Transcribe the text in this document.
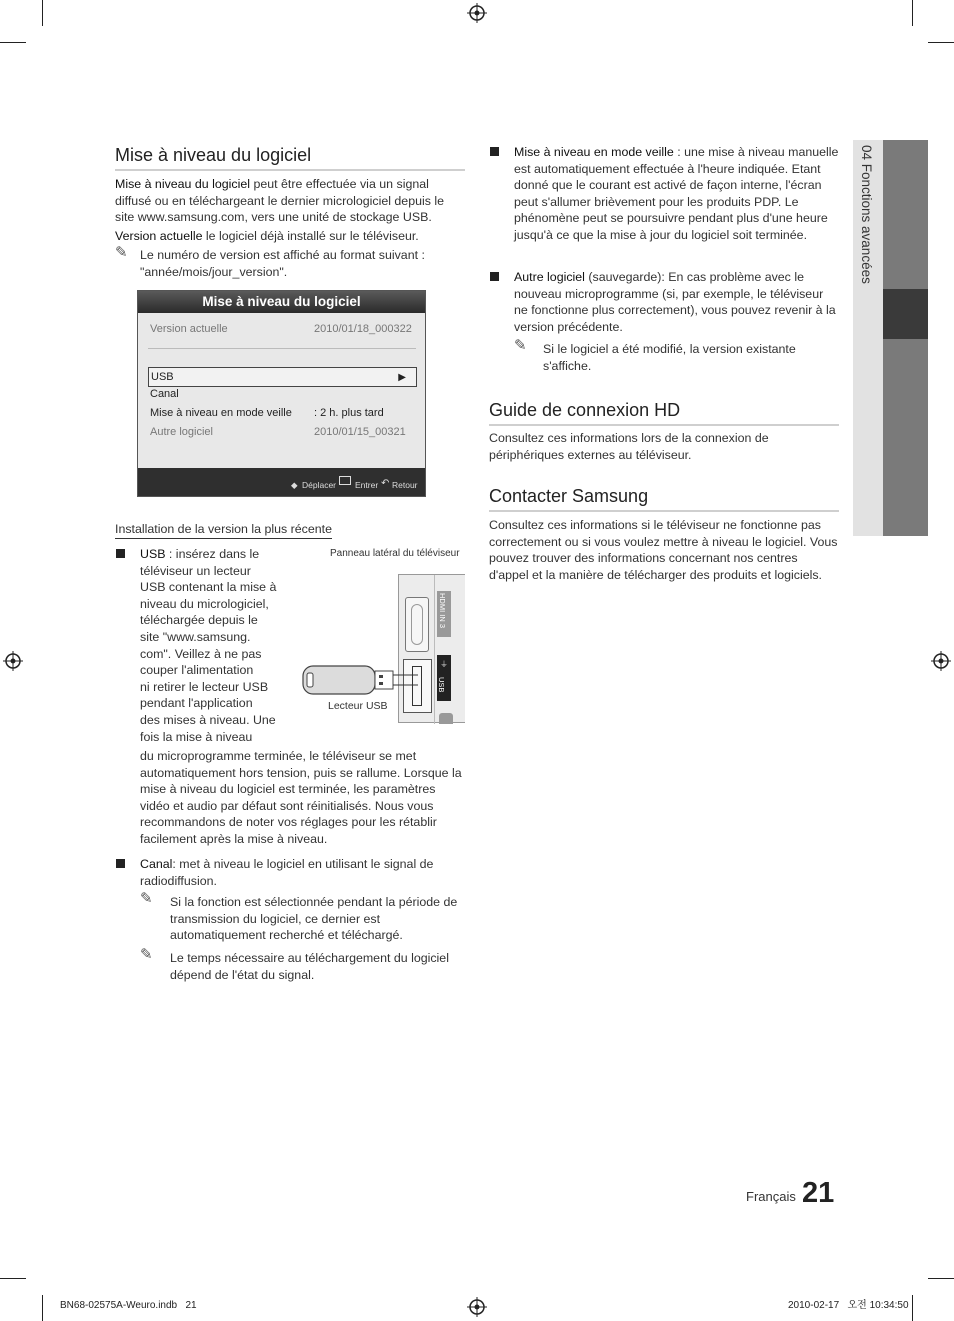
04 Fonctions avancées
Mise à niveau du logiciel
Mise à niveau du logiciel peut être effectuée via un signal diffusé ou en téléchargeant le dernier micrologiciel depuis le site www.samsung.com, vers une unité de stockage USB.
Version actuelle le logiciel déjà installé sur le téléviseur.
✎ Le numéro de version est affiché au format suivant : "année/mois/jour_version".
Mise à niveau du logiciel
Version actuelle	2010/01/18_000322
USB	▶
Canal
Mise à niveau en mode veille : 2 h. plus tard
Autre logiciel	2010/01/15_00321
◆ Déplacer Entrer ↶ Retour
Installation de la version la plus récente
USB : insérez dans le
téléviseur un lecteur
USB contenant la mise à
niveau du micrologiciel,
téléchargée depuis le
site "www.samsung.
com". Veillez à ne pas
couper l'alimentation
ni retirer le lecteur USB
pendant l'application
des mises à niveau. Une
fois la mise à niveau
du microprogramme terminée, le téléviseur se met automatiquement hors tension, puis se rallume. Lorsque la mise à niveau du logiciel est terminée, les paramètres vidéo et audio par défaut sont réinitialisés. Nous vous recommandons de noter vos réglages pour les rétablir facilement après la mise à niveau.
Panneau latéral du téléviseur
HDMI IN 3
⏚
USB
Lecteur USB
Canal: met à niveau le logiciel en utilisant le signal de radiodiffusion.
✎ Si la fonction est sélectionnée pendant la période de transmission du logiciel, ce dernier est automatiquement recherché et téléchargé.
✎ Le temps nécessaire au téléchargement du logiciel dépend de l'état du signal.
Mise à niveau en mode veille : une mise à niveau manuelle est automatiquement effectuée à l'heure indiquée. Etant donné que le courant est activé de façon interne, l'écran peut s'allumer brièvement pour les produits PDP. Le phénomène peut se poursuivre pendant plus d'une heure jusqu'à ce que la mise à jour du logiciel soit terminée.
Autre logiciel (sauvegarde): En cas problème avec le nouveau microprogramme (si, par exemple, le téléviseur ne fonctionne plus correctement), vous pouvez revenir à la version précédente.
✎ Si le logiciel a été modifié, la version existante s'affiche.
Guide de connexion HD
Consultez ces informations lors de la connexion de périphériques externes au téléviseur.
Contacter Samsung
Consultez ces informations si le téléviseur ne fonctionne pas correctement ou si vous voulez mettre à niveau le logiciel. Vous pouvez trouver des informations concernant nos centres d'appel et la manière de télécharger des produits et logiciels.
Français 21
BN68-02575A-Weuro.indb   21	2010-02-17   오전 10:34:50
